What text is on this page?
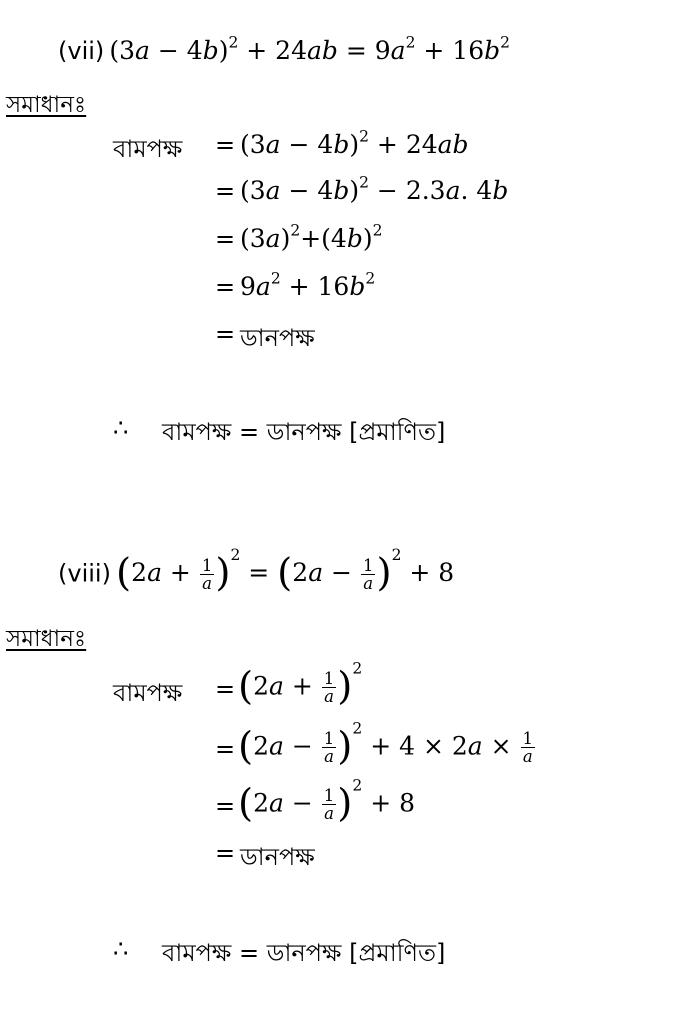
(vii) $(3a - 4b)^2 + 24ab = 9a^2 + 16b^2$
সমাধানঃ
বামপক্ষ = $(3a - 4b)^2 + 24ab$
= $(3a - 4b)^2 - 2.3a$. 4b
= $(3a)^2+(4b)^2$
= $9a^2 + 16b^2$
= ডানপক্ষ
∴ বামপক্ষ = ডানপক্ষ [প্রমাণিত]
(viii) $(2a + \frac{1}{a} )^2 = (2a - \frac{1}{a} )^2 + 8$
সমাধানঃ
বামপক্ষ = $(2a + \frac{1}{a} )^2$
= $(2a - \frac{1}{a} )^2 + 4 \times 2a \times \frac{1}{a}$
= $(2a - \frac{1}{a} )^2 + 8$
= ডানপক্ষ
∴ বামপক্ষ = ডানপক্ষ [প্রমাণিত]
